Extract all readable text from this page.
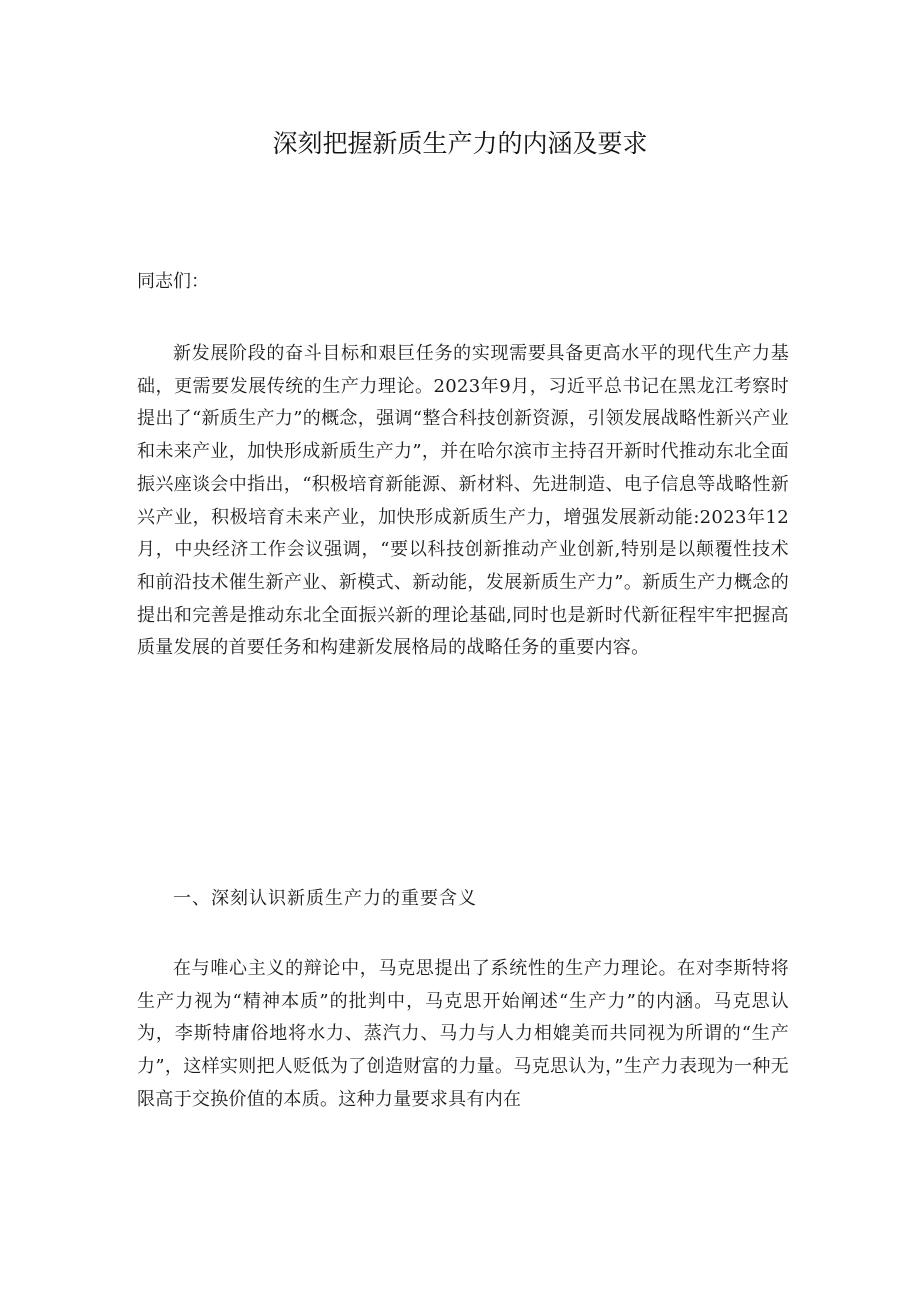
深刻把握新质生产力的内涵及要求

同志们：

新发展阶段的奋斗目标和艰巨任务的实现需要具备更高水平的现代生产力基础，更需要发展传统的生产力理论。2023年9月，习近平总书记在黑龙江考察时提出了“新质生产力”的概念，强调“整合科技创新资源，引领发展战略性新兴产业和未来产业，加快形成新质生产力”，并在哈尔滨市主持召开新时代推动东北全面振兴座谈会中指出，“积极培育新能源、新材料、先进制造、电子信息等战略性新兴产业，积极培育未来产业，加快形成新质生产力，增强发展新动能:2023年12月，中央经济工作会议强调，“要以科技创新推动产业创新,特别是以颠覆性技术和前沿技术催生新产业、新模式、新动能，发展新质生产力”。新质生产力概念的提出和完善是推动东北全面振兴新的理论基础,同时也是新时代新征程牢牢把握高质量发展的首要任务和构建新发展格局的战略任务的重要内容。

一、深刻认识新质生产力的重要含义

在与唯心主义的辩论中，马克思提出了系统性的生产力理论。在对李斯特将生产力视为“精神本质”的批判中，马克思开始阐述“生产力”的内涵。马克思认为，李斯特庸俗地将水力、蒸汽力、马力与人力相媲美而共同视为所谓的“生产力”，这样实则把人贬低为了创造财富的力量。马克思认为，”生产力表现为一种无限高于交换价值的本质。这种力量要求具有内在
